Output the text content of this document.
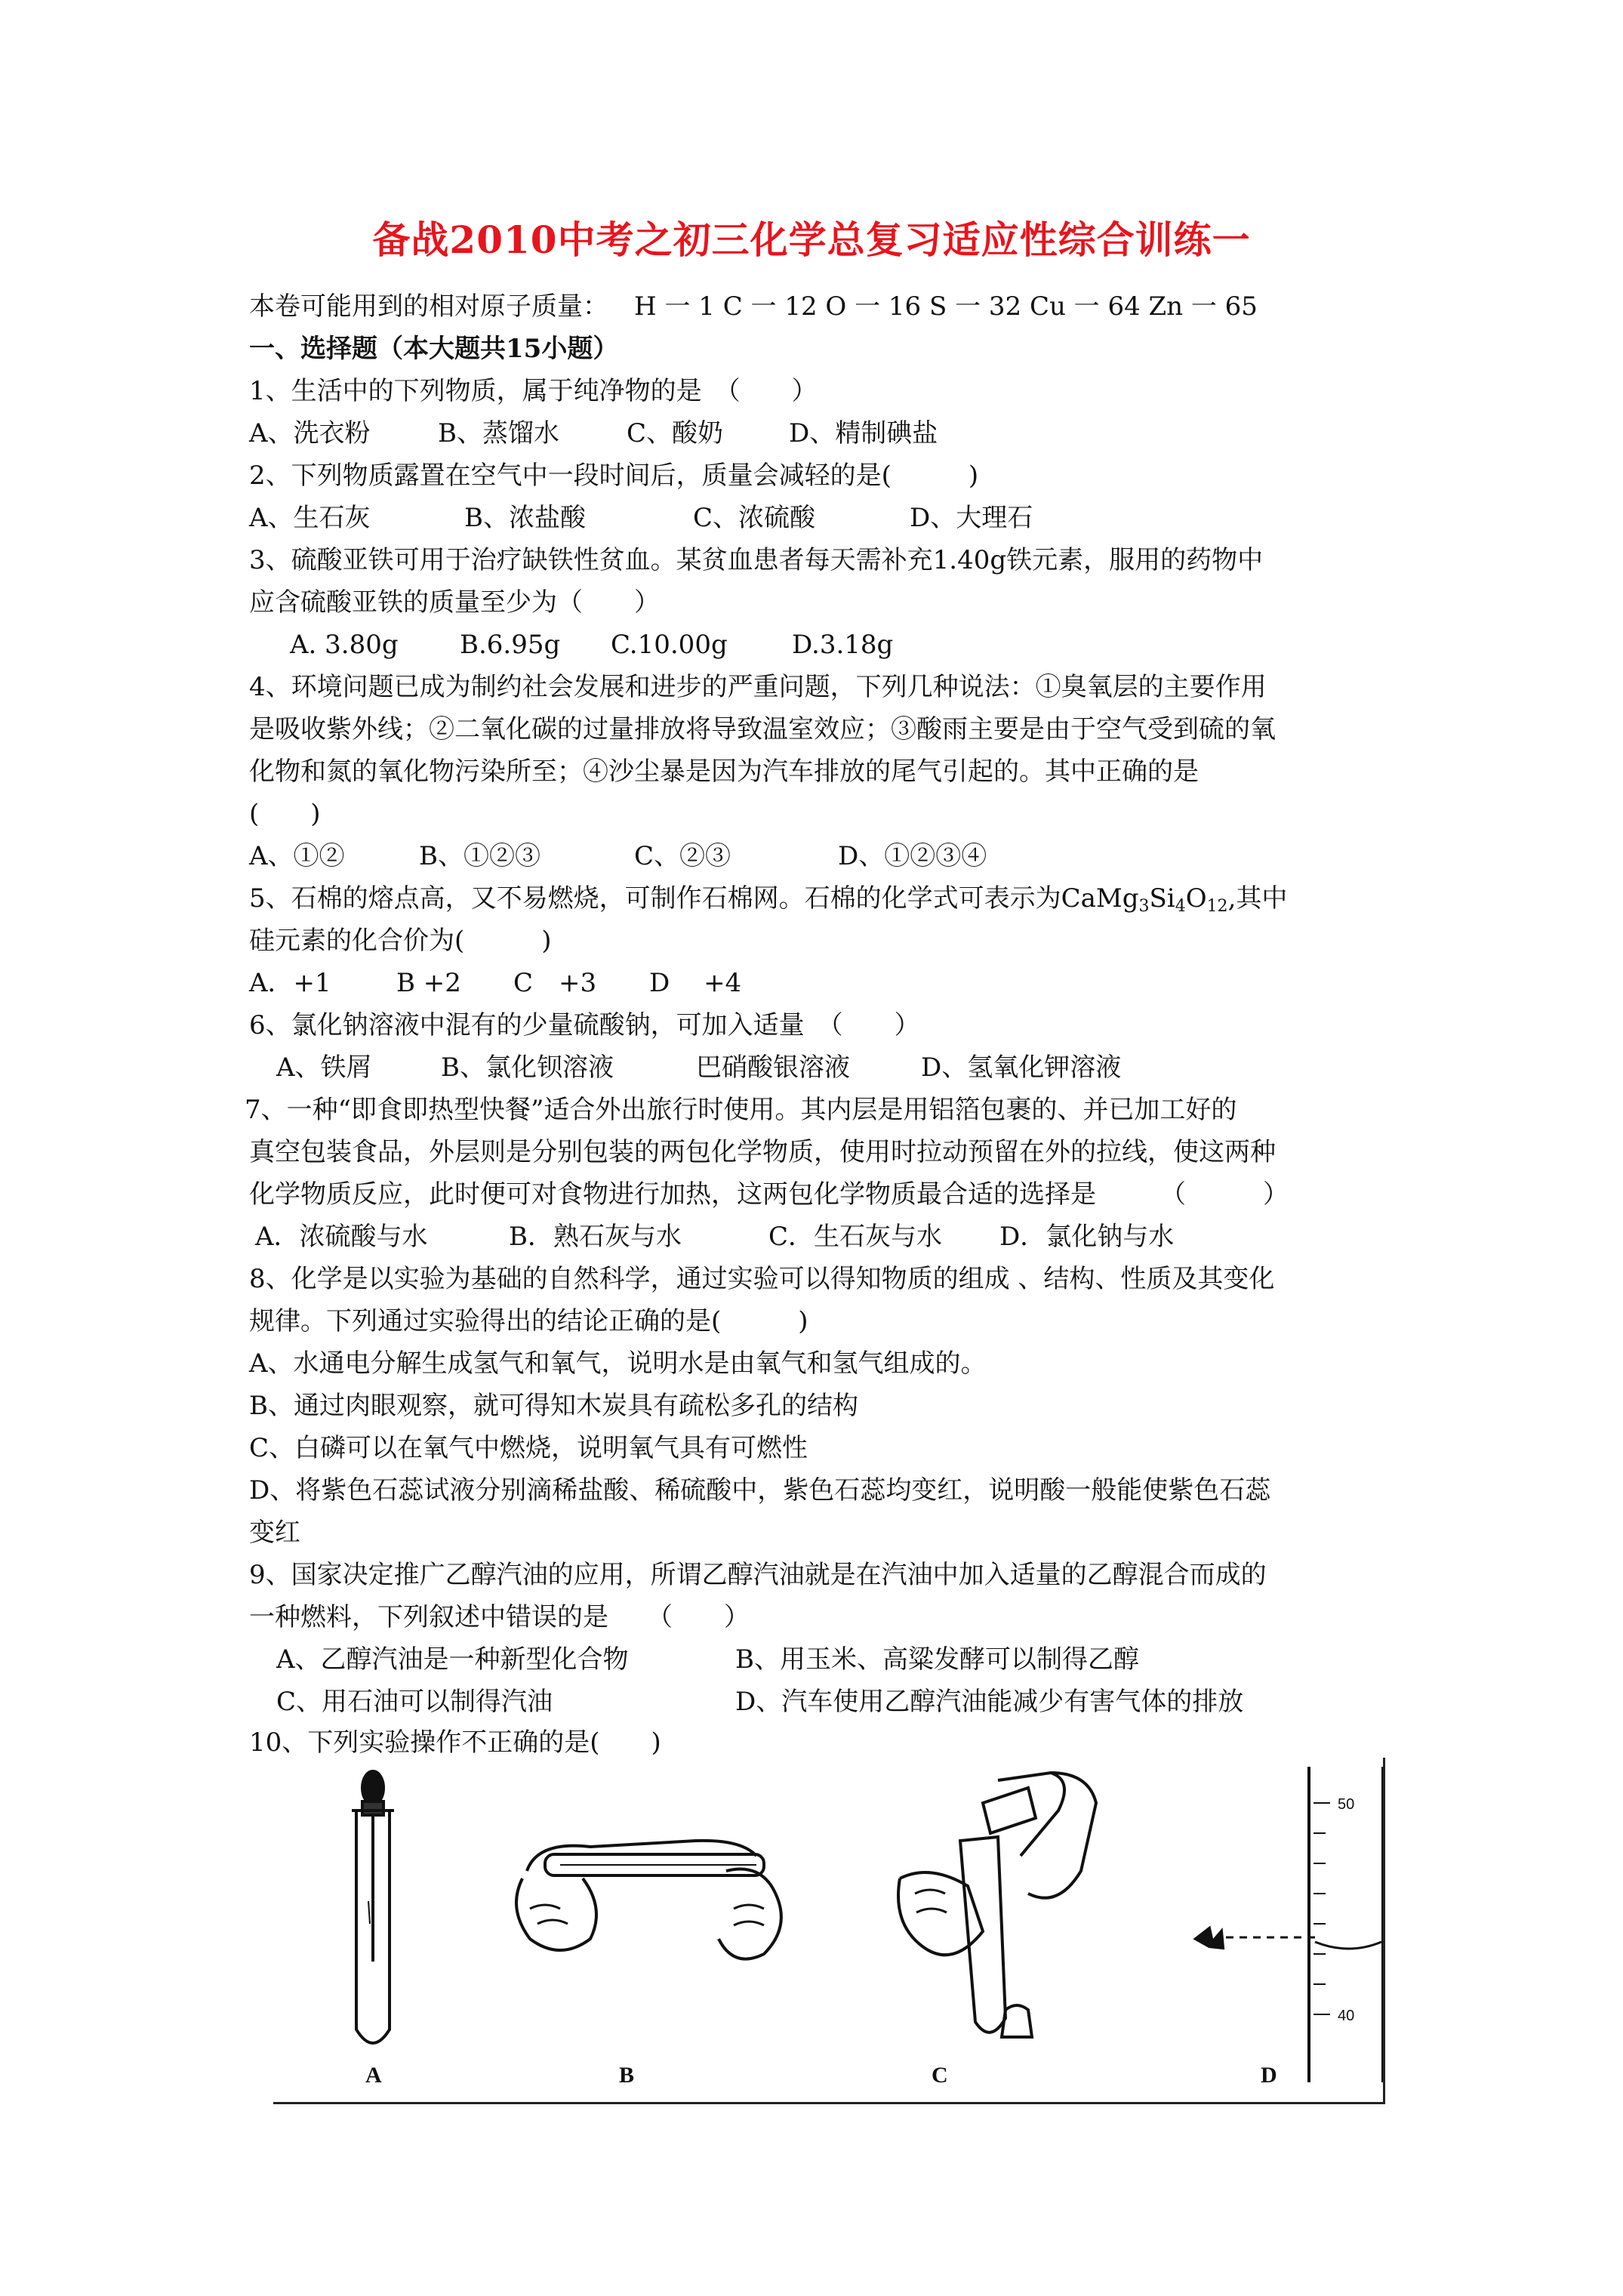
备战2010中考之初三化学总复习适应性综合训练一
本卷可能用到的相对原子质量： H 一 1 C 一 12 O 一 16 S 一 32 Cu 一 64 Zn 一 65
一、选择题（本大题共15小题）
1、生活中的下列物质，属于纯净物的是　（　　）
A、洗衣粉	B、蒸馏水	C、酸奶	D、精制碘盐
2、下列物质露置在空气中一段时间后，质量会减轻的是(　　　)
A、生石灰	B、浓盐酸	C、浓硫酸	D、大理石
3、硫酸亚铁可用于治疗缺铁性贫血。某贫血患者每天需补充1.40g铁元素，服用的药物中
应含硫酸亚铁的质量至少为（　　）
A. 3.80g B.6.95g C.10.00g	D.3.18g
4、环境问题已成为制约社会发展和进步的严重问题，下列几种说法：①臭氧层的主要作用
是吸收紫外线；②二氧化碳的过量排放将导致温室效应；③酸雨主要是由于空气受到硫的氧
化物和氮的氧化物污染所至；④沙尘暴是因为汽车排放的尾气引起的。其中正确的是
(　　)
A、①②	B、①②③	C、②③	D、①②③④
5、石棉的熔点高，又不易燃烧，可制作石棉网。石棉的化学式可表示为$CaMg_3Si_4O_{12}$,其中
硅元素的化合价为(　　　)
A．+1	B +2 C　+3 D　 +4
6、氯化钠溶液中混有的少量硫酸钠，可加入适量　（　　）
A、铁屑	B、氯化钡溶液	巴硝酸银溶液	D、氢氧化钾溶液
7、一种“即食即热型快餐”适合外出旅行时使用。其内层是用铝箔包裹的、并已加工好的
真空包装食品，外层则是分别包装的两包化学物质，使用时拉动预留在外的拉线，使这两种
化学物质反应，此时便可对食物进行加热，这两包化学物质最合适的选择是　　　（　　　）
A．浓硫酸与水	B．熟石灰与水	C．生石灰与水 D．氯化钠与水
8、化学是以实验为基础的自然科学，通过实验可以得知物质的组成 、结构、性质及其变化
规律。下列通过实验得出的结论正确的是(　　　)
A、水通电分解生成氢气和氧气，说明水是由氧气和氢气组成的。
B、通过肉眼观察，就可得知木炭具有疏松多孔的结构
C、白磷可以在氧气中燃烧，说明氧气具有可燃性
D、将紫色石蕊试液分别滴稀盐酸、稀硫酸中，紫色石蕊均变红，说明酸一般能使紫色石蕊
变红
9、国家决定推广乙醇汽油的应用，所谓乙醇汽油就是在汽油中加入适量的乙醇混合而成的
一种燃料，下列叙述中错误的是　　（　　）
A、乙醇汽油是一种新型化合物	B、用玉米、高粱发酵可以制得乙醇
C、用石油可以制得汽油	D、汽车使用乙醇汽油能减少有害气体的排放
10、下列实验操作不正确的是(　　)
50
40
A	B	C	D
